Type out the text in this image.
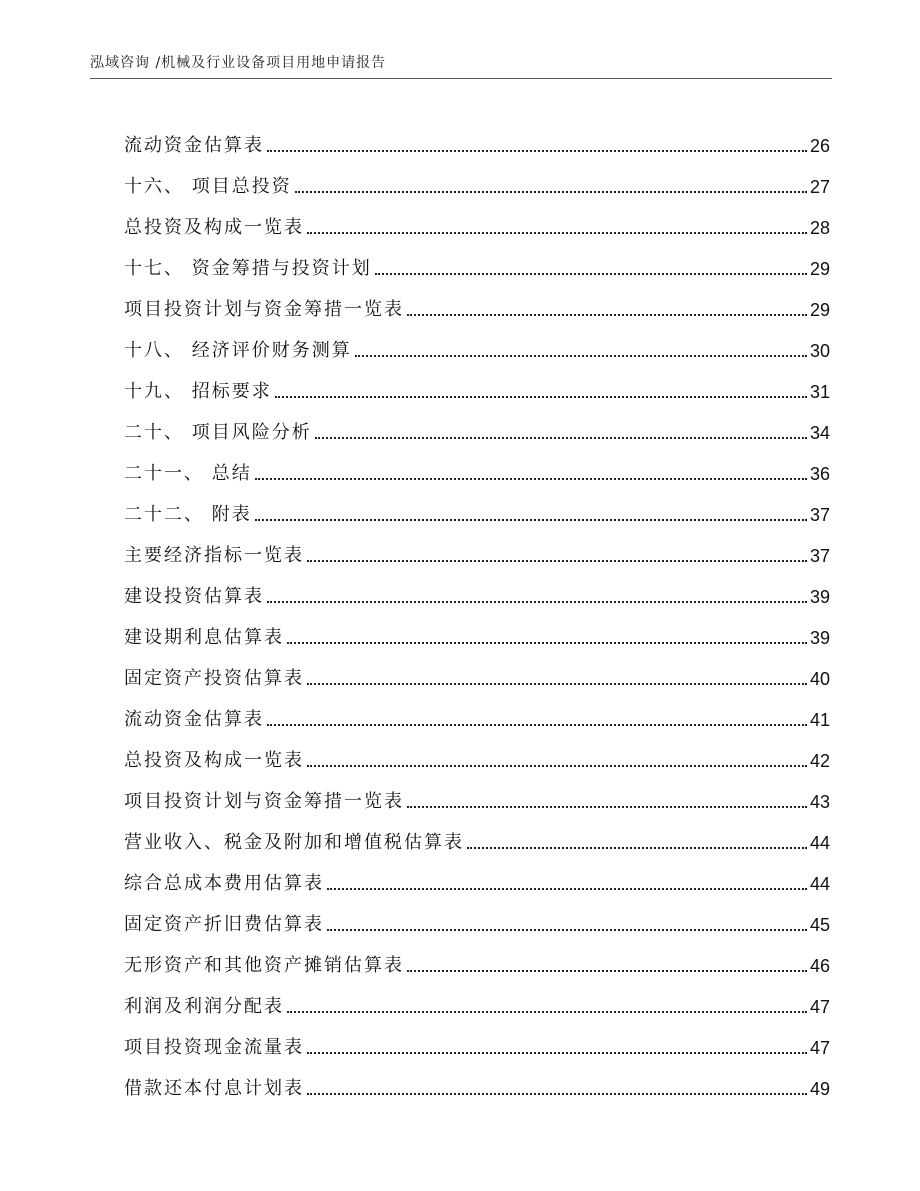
泓域咨询 /机械及行业设备项目用地申请报告
流动资金估算表	26
十六、 项目总投资	27
总投资及构成一览表	28
十七、 资金筹措与投资计划	29
项目投资计划与资金筹措一览表	29
十八、 经济评价财务测算	30
十九、 招标要求	31
二十、 项目风险分析	34
二十一、 总结	36
二十二、 附表	37
主要经济指标一览表	37
建设投资估算表	39
建设期利息估算表	39
固定资产投资估算表	40
流动资金估算表	41
总投资及构成一览表	42
项目投资计划与资金筹措一览表	43
营业收入、税金及附加和增值税估算表	44
综合总成本费用估算表	44
固定资产折旧费估算表	45
无形资产和其他资产摊销估算表	46
利润及利润分配表	47
项目投资现金流量表	47
借款还本付息计划表	49
